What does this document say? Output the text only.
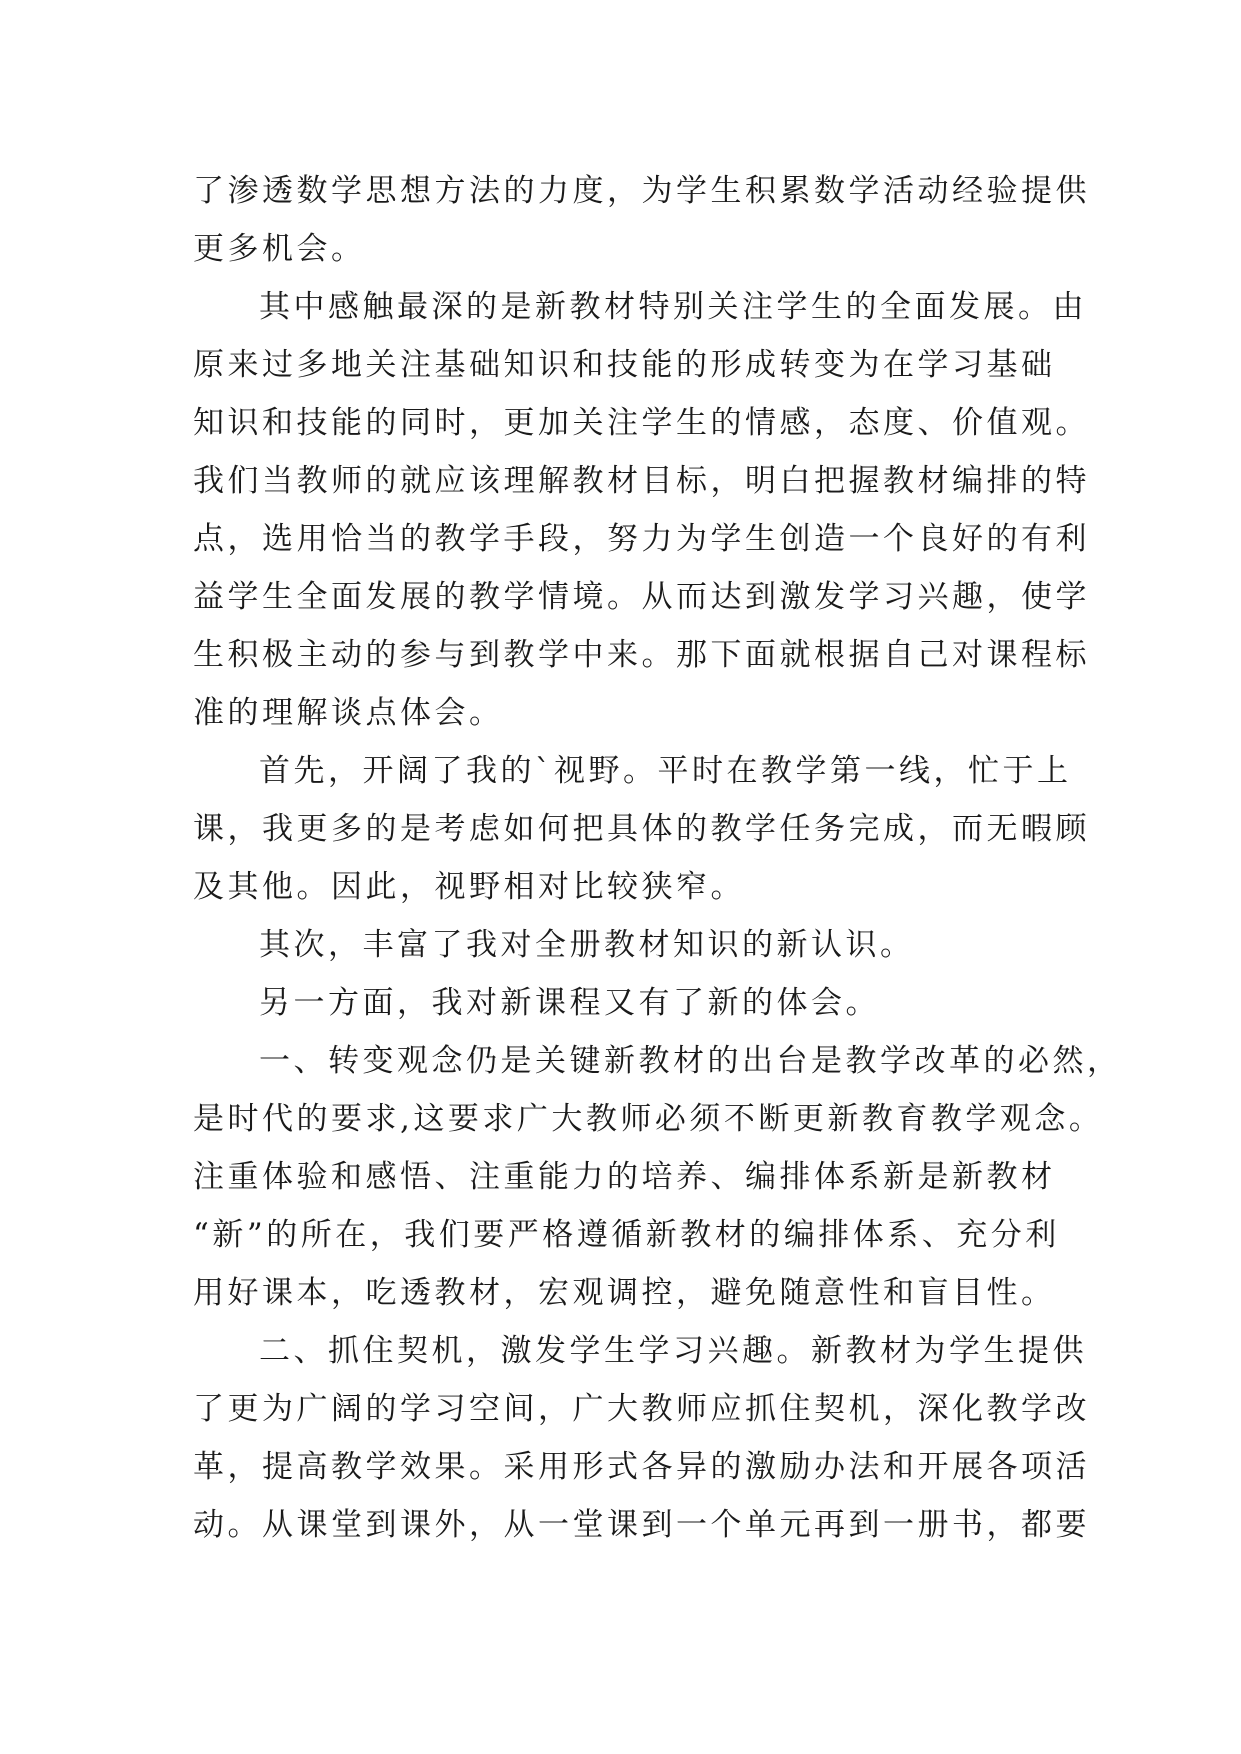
了渗透数学思想方法的力度，为学生积累数学活动经验提供
更多机会。
其中感触最深的是新教材特别关注学生的全面发展。由
原来过多地关注基础知识和技能的形成转变为在学习基础
知识和技能的同时，更加关注学生的情感，态度、价值观。
我们当教师的就应该理解教材目标，明白把握教材编排的特
点，选用恰当的教学手段，努力为学生创造一个良好的有利
益学生全面发展的教学情境。从而达到激发学习兴趣，使学
生积极主动的参与到教学中来。那下面就根据自己对课程标
准的理解谈点体会。
首先，开阔了我的`视野。平时在教学第一线，忙于上
课，我更多的是考虑如何把具体的教学任务完成，而无暇顾
及其他。因此，视野相对比较狭窄。
其次，丰富了我对全册教材知识的新认识。
另一方面，我对新课程又有了新的体会。
一、转变观念仍是关键新教材的出台是教学改革的必然，
是时代的要求,这要求广大教师必须不断更新教育教学观念。
注重体验和感悟、注重能力的培养、编排体系新是新教材
“新”的所在，我们要严格遵循新教材的编排体系、充分利
用好课本，吃透教材，宏观调控，避免随意性和盲目性。
二、抓住契机，激发学生学习兴趣。新教材为学生提供
了更为广阔的学习空间，广大教师应抓住契机，深化教学改
革，提高教学效果。采用形式各异的激励办法和开展各项活
动。从课堂到课外，从一堂课到一个单元再到一册书，都要
